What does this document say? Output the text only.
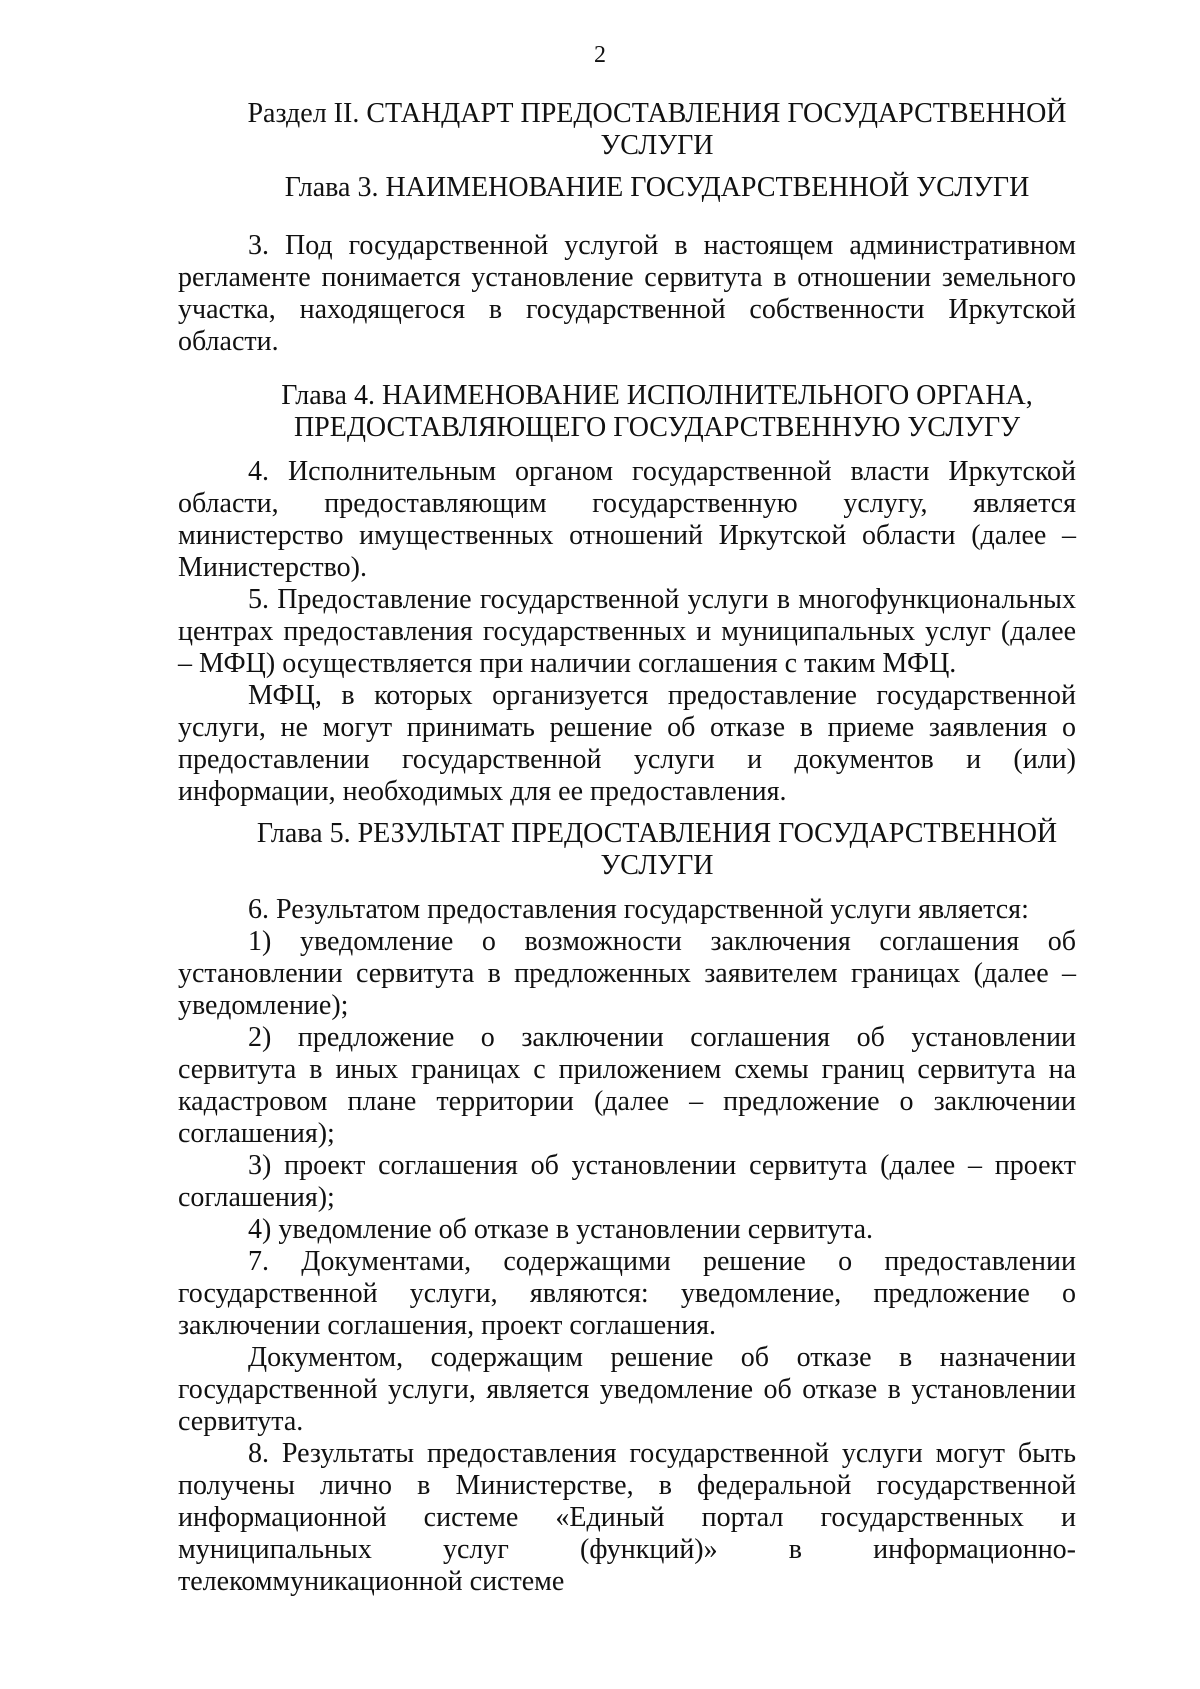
2

Раздел II. СТАНДАРТ ПРЕДОСТАВЛЕНИЯ ГОСУДАРСТВЕННОЙ УСЛУГИ

Глава 3. НАИМЕНОВАНИЕ ГОСУДАРСТВЕННОЙ УСЛУГИ

3. Под государственной услугой в настоящем административном регламенте понимается установление сервитута в отношении земельного участка, находящегося в государственной собственности Иркутской области.

Глава 4. НАИМЕНОВАНИЕ ИСПОЛНИТЕЛЬНОГО ОРГАНА, ПРЕДОСТАВЛЯЮЩЕГО ГОСУДАРСТВЕННУЮ УСЛУГУ

4. Исполнительным органом государственной власти Иркутской области, предоставляющим государственную услугу, является министерство имущественных отношений Иркутской области (далее – Министерство).

5. Предоставление государственной услуги в многофункциональных центрах предоставления государственных и муниципальных услуг (далее – МФЦ) осуществляется при наличии соглашения с таким МФЦ.

МФЦ, в которых организуется предоставление государственной услуги, не могут принимать решение об отказе в приеме заявления о предоставлении государственной услуги и документов и (или) информации, необходимых для ее предоставления.

Глава 5. РЕЗУЛЬТАТ ПРЕДОСТАВЛЕНИЯ ГОСУДАРСТВЕННОЙ УСЛУГИ

6. Результатом предоставления государственной услуги является:

1) уведомление о возможности заключения соглашения об установлении сервитута в предложенных заявителем границах (далее – уведомление);

2) предложение о заключении соглашения об установлении сервитута в иных границах с приложением схемы границ сервитута на кадастровом плане территории (далее – предложение о заключении соглашения);

3) проект соглашения об установлении сервитута (далее – проект соглашения);

4) уведомление об отказе в установлении сервитута.

7. Документами, содержащими решение о предоставлении государственной услуги, являются: уведомление, предложение о заключении соглашения, проект соглашения.

Документом, содержащим решение об отказе в назначении государственной услуги, является уведомление об отказе в установлении сервитута.

8. Результаты предоставления государственной услуги могут быть получены лично в Министерстве, в федеральной государственной информационной системе «Единый портал государственных и муниципальных услуг (функций)» в информационно-телекоммуникационной системе
